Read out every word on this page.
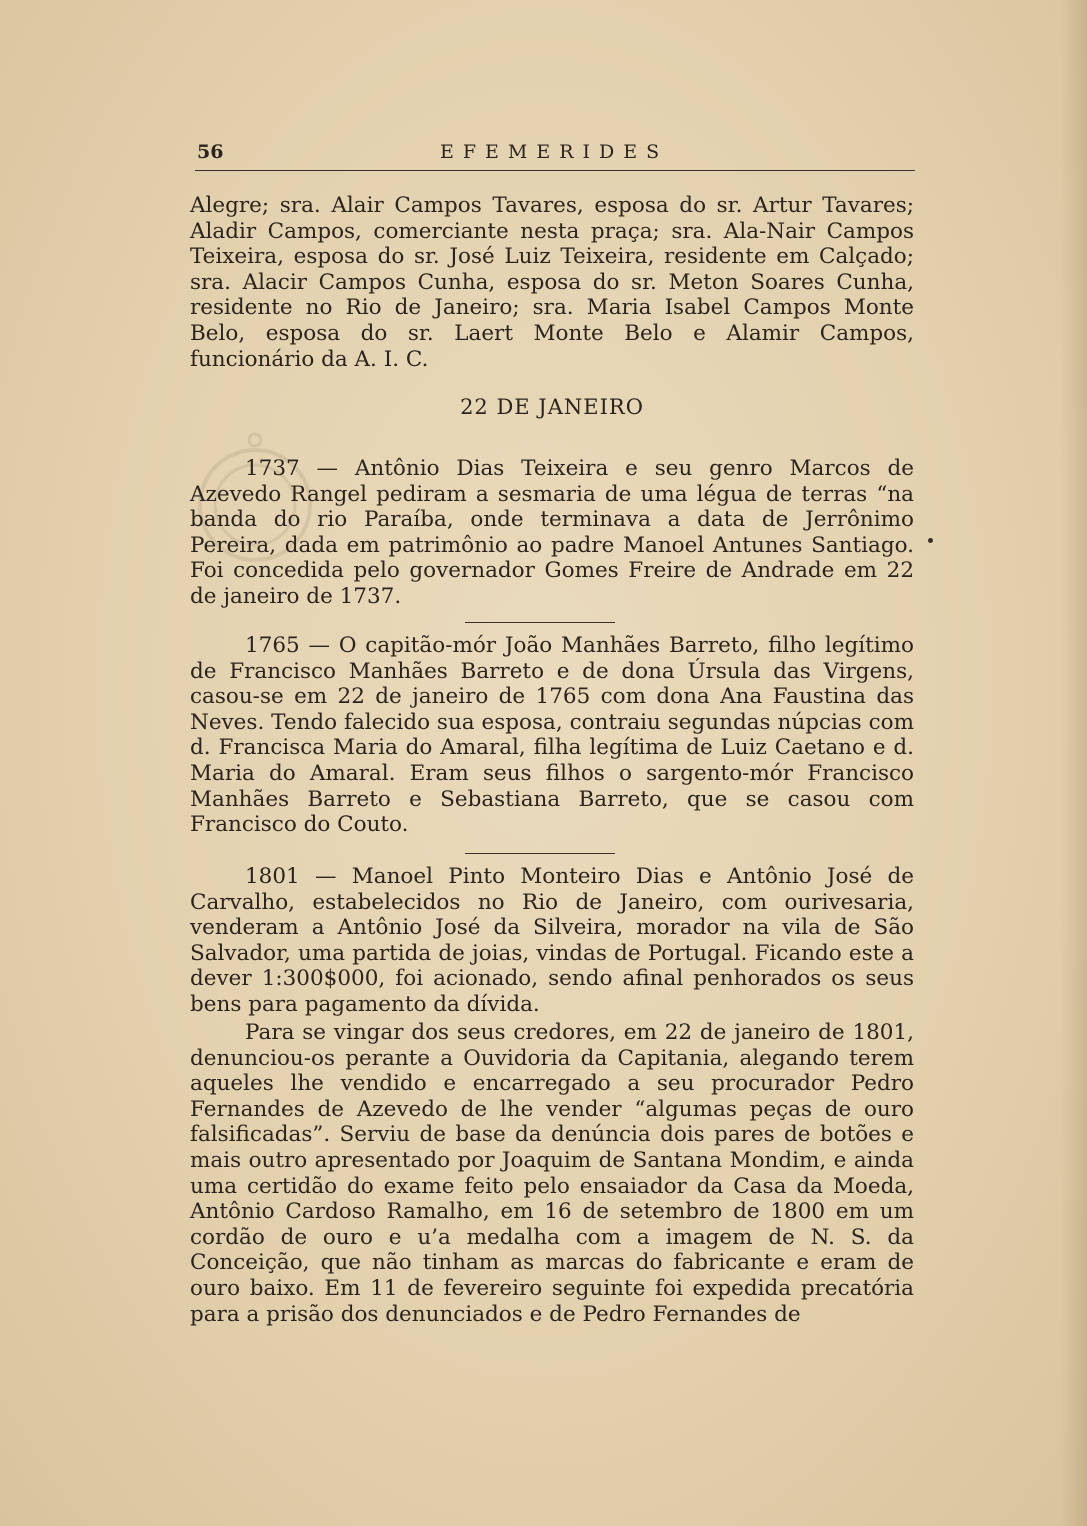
56	EFEMERIDES

Alegre; sra. Alair Campos Tavares, esposa do sr. Artur Tavares; Aladir Campos, comerciante nesta praça; sra. Ala-Nair Campos Teixeira, esposa do sr. José Luiz Teixeira, residente em Calçado; sra. Alacir Campos Cunha, esposa do sr. Meton Soares Cunha, residente no Rio de Janeiro; sra. Maria Isabel Campos Monte Belo, esposa do sr. Laert Monte Belo e Alamir Campos, funcionário da A. I. C.

22 DE JANEIRO

1737 — Antônio Dias Teixeira e seu genro Marcos de Azevedo Rangel pediram a sesmaria de uma légua de terras “na banda do rio Paraíba, onde terminava a data de Jerrônimo Pereira, dada em patrimônio ao padre Manoel Antunes Santiago. Foi concedida pelo governador Gomes Freire de Andrade em 22 de janeiro de 1737.

1765 — O capitão-mór João Manhães Barreto, filho legítimo de Francisco Manhães Barreto e de dona Úrsula das Virgens, casou-se em 22 de janeiro de 1765 com dona Ana Faustina das Neves. Tendo falecido sua esposa, contraiu segundas núpcias com d. Francisca Maria do Amaral, filha legítima de Luiz Caetano e d. Maria do Amaral. Eram seus filhos o sargento-mór Francisco Manhães Barreto e Sebastiana Barreto, que se casou com Francisco do Couto.

1801 — Manoel Pinto Monteiro Dias e Antônio José de Carvalho, estabelecidos no Rio de Janeiro, com ourivesaria, venderam a Antônio José da Silveira, morador na vila de São Salvador, uma partida de joias, vindas de Portugal. Ficando este a dever 1:300$000, foi acionado, sendo afinal penhorados os seus bens para pagamento da dívida.

Para se vingar dos seus credores, em 22 de janeiro de 1801, denunciou-os perante a Ouvidoria da Capitania, alegando terem aqueles lhe vendido e encarregado a seu procurador Pedro Fernandes de Azevedo de lhe vender “algumas peças de ouro falsificadas”. Serviu de base da denúncia dois pares de botões e mais outro apresentado por Joaquim de Santana Mondim, e ainda uma certidão do exame feito pelo ensaiador da Casa da Moeda, Antônio Cardoso Ramalho, em 16 de setembro de 1800 em um cordão de ouro e u’a medalha com a imagem de N. S. da Conceição, que não tinham as marcas do fabricante e eram de ouro baixo. Em 11 de fevereiro seguinte foi expedida precatória para a prisão dos denunciados e de Pedro Fernandes de
